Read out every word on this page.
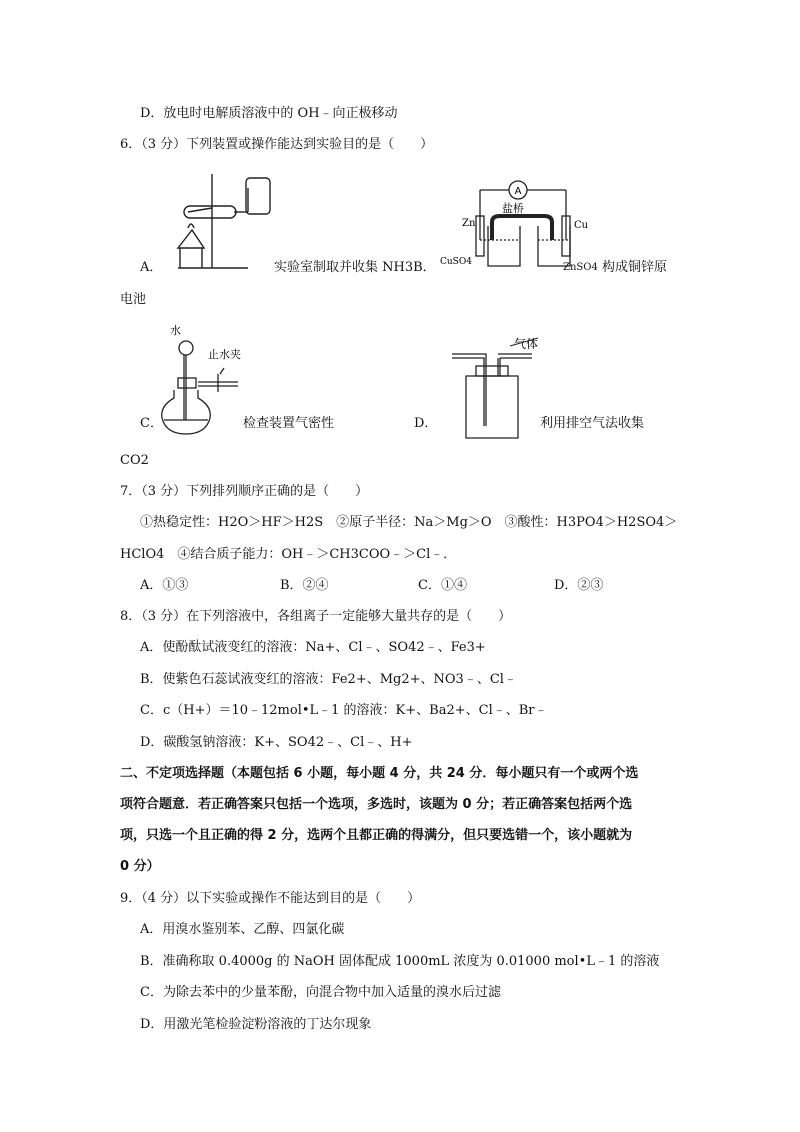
D．放电时电解质溶液中的 OH﹣向正极移动
6．（3 分）下列装置或操作能达到实验目的是（　　）
A．	实验室制取并收集 NH3B．
A
盐桥
Zn	Cu
CuSO4	ZnSO4 构成铜锌原
电池
水
止水夹
C．	检查装置气密性
气体
D．	利用排空气法收集
CO2
7．（3 分）下列排列顺序正确的是（　　）
①热稳定性：H2O＞HF＞H2S　②原子半径：Na＞Mg＞O　③酸性：H3PO4＞H2SO4＞
HClO4　④结合质子能力：OH﹣＞CH3COO﹣＞Cl﹣．
A．①③	B．②④	C．①④	D．②③
8．（3 分）在下列溶液中，各组离子一定能够大量共存的是（　　）
A．使酚酞试液变红的溶液：Na+、Cl﹣、SO42﹣、Fe3+
B．使紫色石蕊试液变红的溶液：Fe2+、Mg2+、NO3﹣、Cl﹣
C．c（H+）＝10﹣12mol•L﹣1 的溶液：K+、Ba2+、Cl﹣、Br﹣
D．碳酸氢钠溶液：K+、SO42﹣、Cl﹣、H+
二、不定项选择题（本题包括 6 小题，每小题 4 分，共 24 分．每小题只有一个或两个选
项符合题意．若正确答案只包括一个选项，多选时，该题为 0 分；若正确答案包括两个选
项，只选一个且正确的得 2 分，选两个且都正确的得满分，但只要选错一个，该小题就为
0 分）
9．（4 分）以下实验或操作不能达到目的是（　　）
A．用溴水鉴别苯、乙醇、四氯化碳
B．准确称取 0.4000g 的 NaOH 固体配成 1000mL 浓度为 0.01000 mol•L﹣1 的溶液
C．为除去苯中的少量苯酚，向混合物中加入适量的溴水后过滤
D．用激光笔检验淀粉溶液的丁达尔现象
